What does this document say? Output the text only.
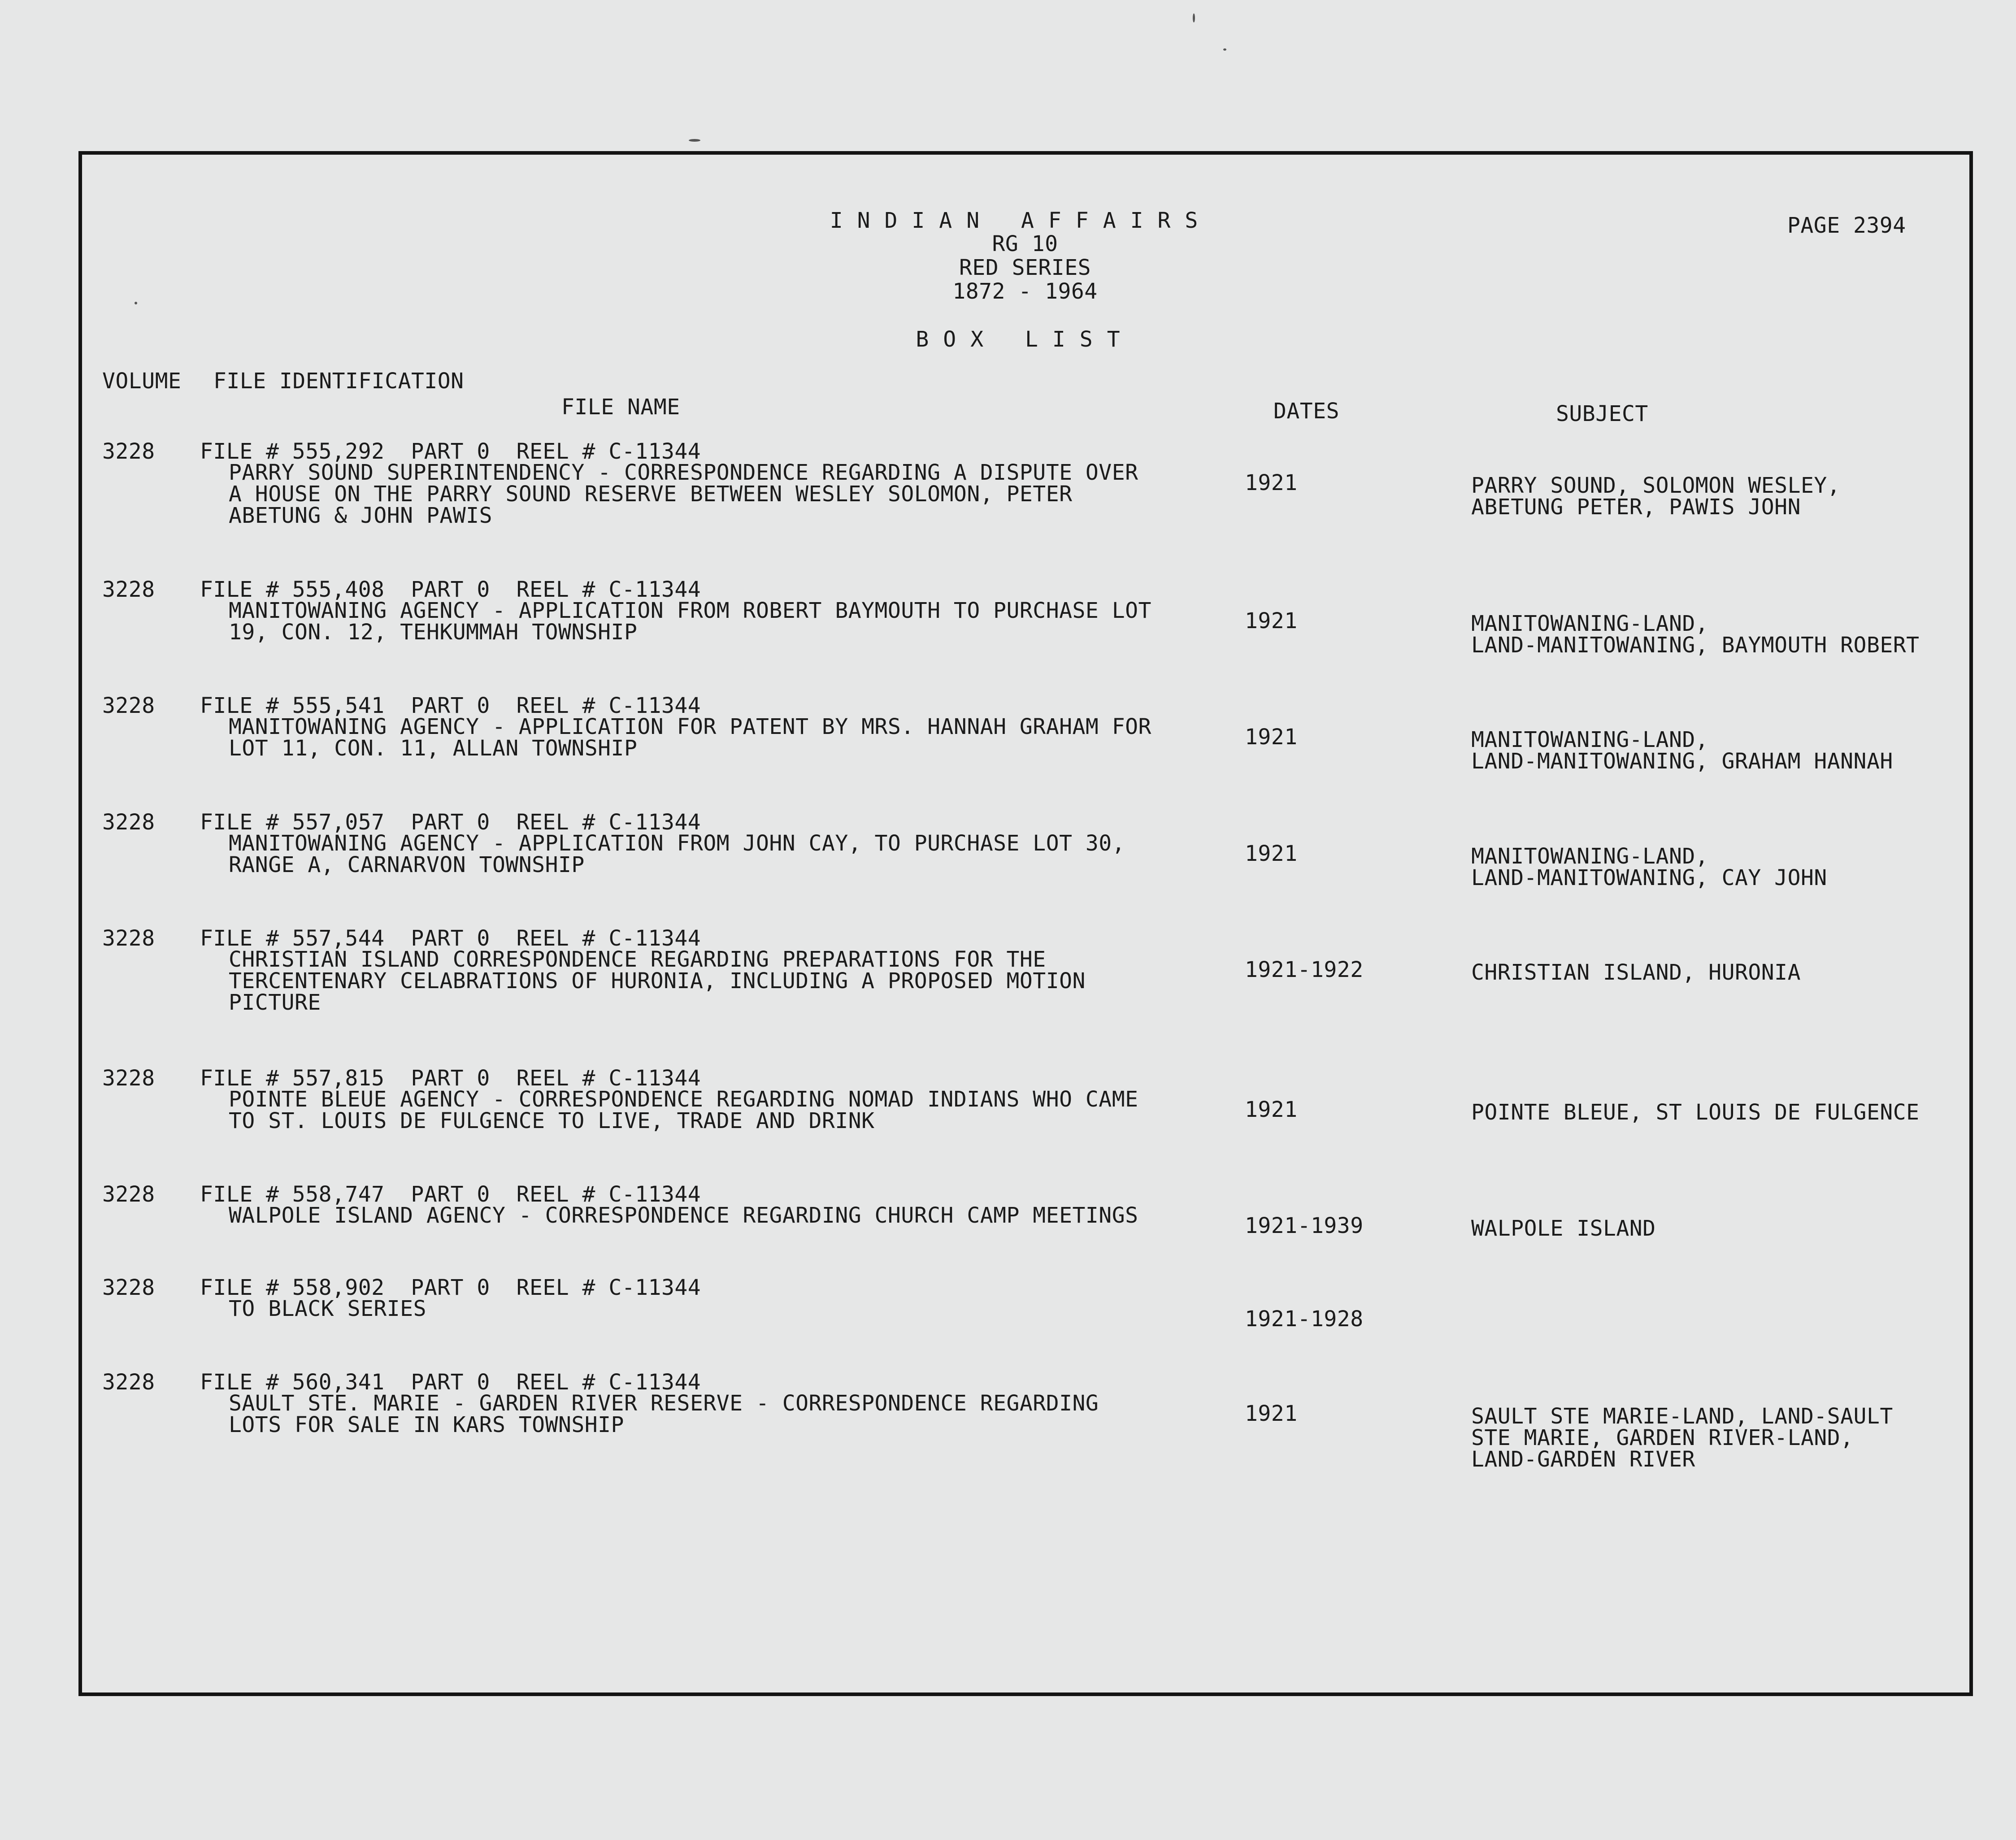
INDIAN AFFAIRS
RG 10
RED SERIES
1872 - 1964
BOX LIST
PAGE 2394
VOLUME FILE IDENTIFICATION
FILE NAME	DATES	SUBJECT
3228 FILE # 555,292  PART 0  REEL # C-11344
PARRY SOUND SUPERINTENDENCY - CORRESPONDENCE REGARDING A DISPUTE OVER
A HOUSE ON THE PARRY SOUND RESERVE BETWEEN WESLEY SOLOMON, PETER
ABETUNG & JOHN PAWIS
1921	PARRY SOUND, SOLOMON WESLEY,
ABETUNG PETER, PAWIS JOHN
3228 FILE # 555,408  PART 0  REEL # C-11344
MANITOWANING AGENCY - APPLICATION FROM ROBERT BAYMOUTH TO PURCHASE LOT
19, CON. 12, TEHKUMMAH TOWNSHIP	1921	MANITOWANING-LAND,
LAND-MANITOWANING, BAYMOUTH ROBERT
3228 FILE # 555,541  PART 0  REEL # C-11344
MANITOWANING AGENCY - APPLICATION FOR PATENT BY MRS. HANNAH GRAHAM FOR
LOT 11, CON. 11, ALLAN TOWNSHIP	1921	MANITOWANING-LAND,
LAND-MANITOWANING, GRAHAM HANNAH
3228 FILE # 557,057  PART 0  REEL # C-11344
MANITOWANING AGENCY - APPLICATION FROM JOHN CAY, TO PURCHASE LOT 30,
RANGE A, CARNARVON TOWNSHIP	1921	MANITOWANING-LAND,
LAND-MANITOWANING, CAY JOHN
3228 FILE # 557,544  PART 0  REEL # C-11344
CHRISTIAN ISLAND CORRESPONDENCE REGARDING PREPARATIONS FOR THE
TERCENTENARY CELABRATIONS OF HURONIA, INCLUDING A PROPOSED MOTION
PICTURE
1921-1922	CHRISTIAN ISLAND, HURONIA
3228 FILE # 557,815  PART 0  REEL # C-11344
POINTE BLEUE AGENCY - CORRESPONDENCE REGARDING NOMAD INDIANS WHO CAME
TO ST. LOUIS DE FULGENCE TO LIVE, TRADE AND DRINK	1921	POINTE BLEUE, ST LOUIS DE FULGENCE
3228 FILE # 558,747  PART 0  REEL # C-11344
WALPOLE ISLAND AGENCY - CORRESPONDENCE REGARDING CHURCH CAMP MEETINGS	1921-1939	WALPOLE ISLAND
3228 FILE # 558,902  PART 0  REEL # C-11344
TO BLACK SERIES	1921-1928
3228 FILE # 560,341  PART 0  REEL # C-11344
SAULT STE. MARIE - GARDEN RIVER RESERVE - CORRESPONDENCE REGARDING
LOTS FOR SALE IN KARS TOWNSHIP	1921	SAULT STE MARIE-LAND, LAND-SAULT
STE MARIE, GARDEN RIVER-LAND,
LAND-GARDEN RIVER
